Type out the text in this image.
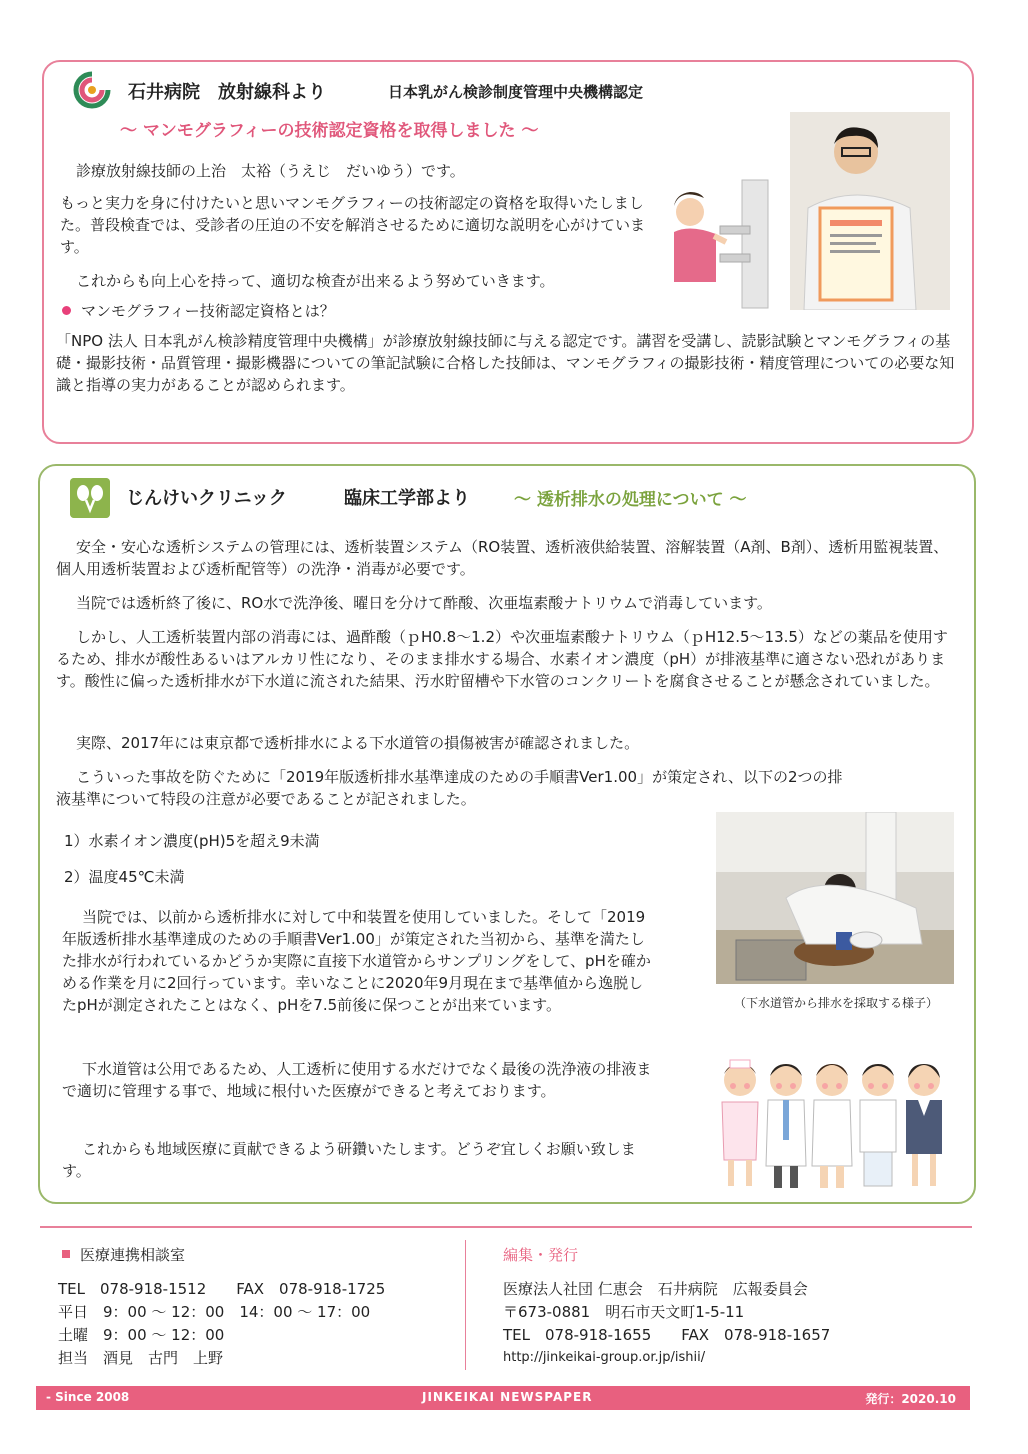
石井病院　放射線科より	日本乳がん検診制度管理中央機構認定
～ マンモグラフィーの技術認定資格を取得しました ～

診療放射線技師の上治　太裕（うえじ　だいゆう）です。

もっと実力を身に付けたいと思いマンモグラフィーの技術認定の資格を取得いたしました。普段検査では、受診者の圧迫の不安を解消させるために適切な説明を心がけています。

これからも向上心を持って、適切な検査が出来るよう努めていきます。

マンモグラフィー技術認定資格とは？

「NPO 法人 日本乳がん検診精度管理中央機構」が診療放射線技師に与える認定です。講習を受講し、読影試験とマンモグラフィの基礎・撮影技術・品質管理・撮影機器についての筆記試験に合格した技師は、マンモグラフィの撮影技術・精度管理についての必要な知識と指導の実力があることが認められます。

じんけいクリニック	臨床工学部より	～ 透析排水の処理について ～

安全・安心な透析システムの管理には、透析装置システム（RO装置、透析液供給装置、溶解装置（A剤、B剤）、透析用監視装置、個人用透析装置および透析配管等）の洗浄・消毒が必要です。

当院では透析終了後に、RO水で洗浄後、曜日を分けて酢酸、次亜塩素酸ナトリウムで消毒しています。

しかし、人工透析装置内部の消毒には、過酢酸（ｐH0.8～1.2）や次亜塩素酸ナトリウム（ｐH12.5～13.5）などの薬品を使用するため、排水が酸性あるいはアルカリ性になり、そのまま排水する場合、水素イオン濃度（pH）が排液基準に適さない恐れがあります。酸性に偏った透析排水が下水道に流された結果、汚水貯留槽や下水管のコンクリートを腐食させることが懸念されていました。

実際、2017年には東京都で透析排水による下水道管の損傷被害が確認されました。

こういった事故を防ぐために「2019年版透析排水基準達成のための手順書Ver1.00」が策定され、以下の2つの排液基準について特段の注意が必要であることが記されました。

1）水素イオン濃度(pH)5を超え9未満
2）温度45℃未満

当院では、以前から透析排水に対して中和装置を使用していました。そして「2019年版透析排水基準達成のための手順書Ver1.00」が策定された当初から、基準を満たした排水が行われているかどうか実際に直接下水道管からサンプリングをして、pHを確かめる作業を月に2回行っています。幸いなことに2020年9月現在まで基準値から逸脱したpHが測定されたことはなく、pHを7.5前後に保つことが出来ています。

下水道管は公用であるため、人工透析に使用する水だけでなく最後の洗浄液の排液まで適切に管理する事で、地域に根付いた医療ができると考えております。

これからも地域医療に貢献できるよう研鑽いたします。どうぞ宜しくお願い致します。

（下水道管から排水を採取する様子）
医療連携相談室
TEL　078-918-1512　　FAX　078-918-1725
平日　9：00 ～ 12：00　14：00 ～ 17：00
土曜　9：00 ～ 12：00
担当　酒見　古門　上野
編集・発行
医療法人社団 仁恵会　石井病院　広報委員会
〒673-0881　明石市天文町1-5-11
TEL　078-918-1655　　FAX　078-918-1657
http://jinkeikai-group.or.jp/ishii/
- Since 2008	JINKEIKAI NEWSPAPER	発行：2020.10
